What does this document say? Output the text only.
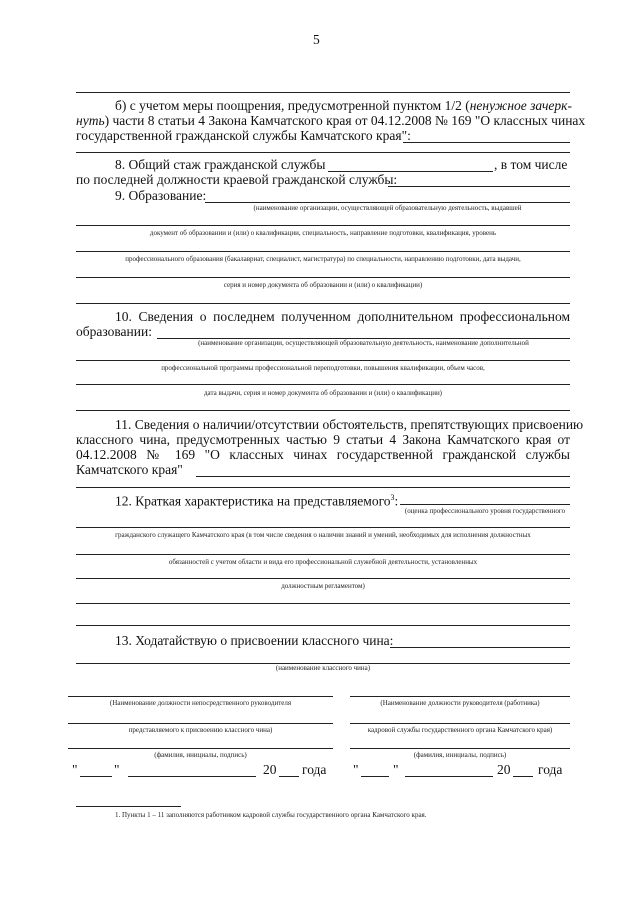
5
б) с учетом меры поощрения, предусмотренной пунктом 1/2 (ненужное зачерк-
нуть) части 8 статьи 4 Закона Камчатского края от 04.12.2008 № 169 "О классных чинах
государственной гражданской службы Камчатского края":
8. Общий стаж гражданской службы	, в том числе
по последней должности краевой гражданской службы:
9. Образование:
(наименование организации, осуществляющей образовательную деятельность, выдавшей
документ об образовании и (или) о квалификации, специальность, направление подготовки, квалификация, уровень
профессионального образования (бакалавриат, специалист, магистратура) по специальности, направлению подготовки, дата выдачи,
серия и номер документа об образовании и (или) о квалификации)
10. Сведения о последнем полученном дополнительном профессиональном
образовании:
(наименование организации, осуществляющей образовательную деятельность, наименование дополнительной
профессиональной программы профессиональной переподготовки, повышения квалификации, объем часов,
дата выдачи, серия и номер документа об образовании и (или) о квалификации)
11. Сведения о наличии/отсутствии обстоятельств, препятствующих присвоению
классного чина, предусмотренных частью 9 статьи 4 Закона Камчатского края от
04.12.2008 № 169 "О классных чинах государственной гражданской службы
Камчатского края"
12. Краткая характеристика на представляемого$^3$:
(оценка профессионального уровня государственного
гражданского служащего Камчатского края (в том числе сведения о наличии знаний и умений, необходимых для исполнения должностных
обязанностей с учетом области и вида его профессиональной служебной деятельности, установленных
должностным регламентом)
13. Ходатайствую о присвоении классного чина:
(наименование классного чина)
(Наименование должности непосредственного руководителя
представляемого к присвоению классного чина)
(фамилия, инициалы, подпись)
(Наименование должности руководителя (работника)
кадровой службы государственного органа Камчатского края)
(фамилия, инициалы, подпись)
"	"	20 года "	"	20 года
1. Пункты 1 – 11 заполняются работником кадровой службы государственного органа Камчатского края.
